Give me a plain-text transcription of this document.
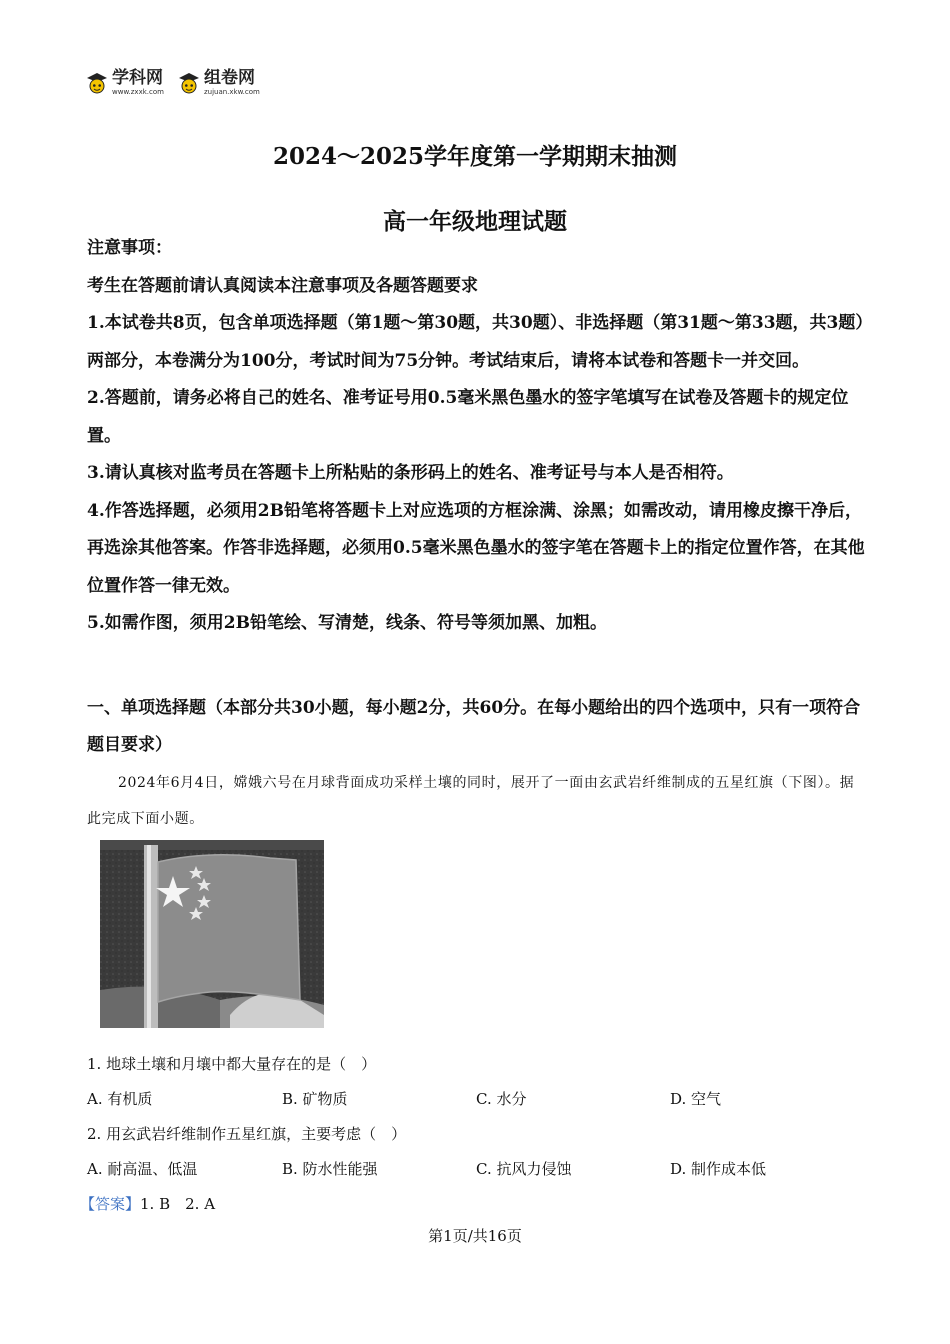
学科网
www.zxxk.com
组卷网
zujuan.xkw.com
2024～2025学年度第一学期期末抽测
高一年级地理试题

注意事项：

考生在答题前请认真阅读本注意事项及各题答题要求

1.本试卷共8页，包含单项选择题（第1题～第30题，共30题）、非选择题（第31题～第33题，共3题）两部分，本卷满分为100分，考试时间为75分钟。考试结束后，请将本试卷和答题卡一并交回。

2.答题前，请务必将自己的姓名、准考证号用0.5毫米黑色墨水的签字笔填写在试卷及答题卡的规定位置。

3.请认真核对监考员在答题卡上所粘贴的条形码上的姓名、准考证号与本人是否相符。

4.作答选择题，必须用2B铅笔将答题卡上对应选项的方框涂满、涂黑；如需改动，请用橡皮擦干净后，再选涂其他答案。作答非选择题，必须用0.5毫米黑色墨水的签字笔在答题卡上的指定位置作答，在其他位置作答一律无效。

5.如需作图，须用2B铅笔绘、写清楚，线条、符号等须加黑、加粗。

一、单项选择题（本部分共30小题，每小题2分，共60分。在每小题给出的四个选项中，只有一项符合题目要求）
2024年6月4日，嫦娥六号在月球背面成功采样土壤的同时，展开了一面由玄武岩纤维制成的五星红旗（下图）。据此完成下面小题。
1. 地球土壤和月壤中都大量存在的是（　）
A. 有机质	B. 矿物质	C. 水分	D. 空气
2. 用玄武岩纤维制作五星红旗，主要考虑（　）
A. 耐高温、低温	B. 防水性能强	C. 抗风力侵蚀	D. 制作成本低
【答案】1. B　2. A
第1页/共16页
